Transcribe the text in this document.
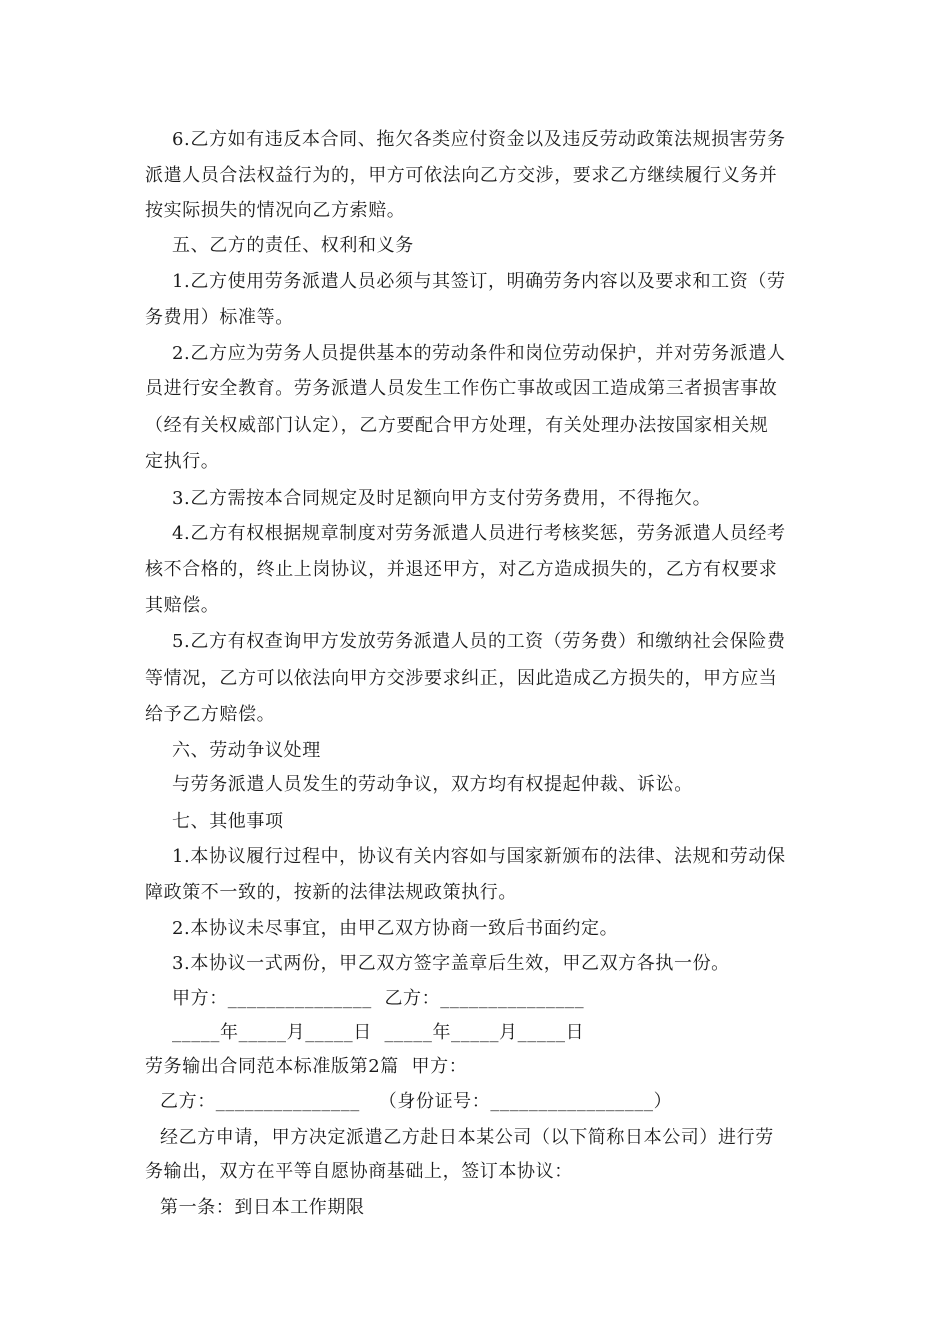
6.乙方如有违反本合同、拖欠各类应付资金以及违反劳动政策法规损害劳务
派遣人员合法权益行为的，甲方可依法向乙方交涉，要求乙方继续履行义务并
按实际损失的情况向乙方索赔。
五、乙方的责任、权利和义务
1.乙方使用劳务派遣人员必须与其签订，明确劳务内容以及要求和工资（劳
务费用）标准等。
2.乙方应为劳务人员提供基本的劳动条件和岗位劳动保护，并对劳务派遣人
员进行安全教育。劳务派遣人员发生工作伤亡事故或因工造成第三者损害事故
（经有关权威部门认定），乙方要配合甲方处理，有关处理办法按国家相关规
定执行。
3.乙方需按本合同规定及时足额向甲方支付劳务费用，不得拖欠。
4.乙方有权根据规章制度对劳务派遣人员进行考核奖惩，劳务派遣人员经考
核不合格的，终止上岗协议，并退还甲方，对乙方造成损失的，乙方有权要求
其赔偿。
5.乙方有权查询甲方发放劳务派遣人员的工资（劳务费）和缴纳社会保险费
等情况，乙方可以依法向甲方交涉要求纠正，因此造成乙方损失的，甲方应当
给予乙方赔偿。
六、劳动争议处理
与劳务派遣人员发生的劳动争议，双方均有权提起仲裁、诉讼。
七、其他事项
1.本协议履行过程中，协议有关内容如与国家新颁布的法律、法规和劳动保
障政策不一致的，按新的法律法规政策执行。
2.本协议未尽事宜，由甲乙双方协商一致后书面约定。
3.本协议一式两份，甲乙双方签字盖章后生效，甲乙双方各执一份。
甲方：_______________  乙方：_______________
_____年_____月_____日  _____年_____月_____日
劳务输出合同范本标准版第2篇  甲方：
乙方：_______________   （身份证号：_________________）
经乙方申请，甲方决定派遣乙方赴日本某公司（以下简称日本公司）进行劳
务输出，双方在平等自愿协商基础上，签订本协议：
第一条：到日本工作期限
